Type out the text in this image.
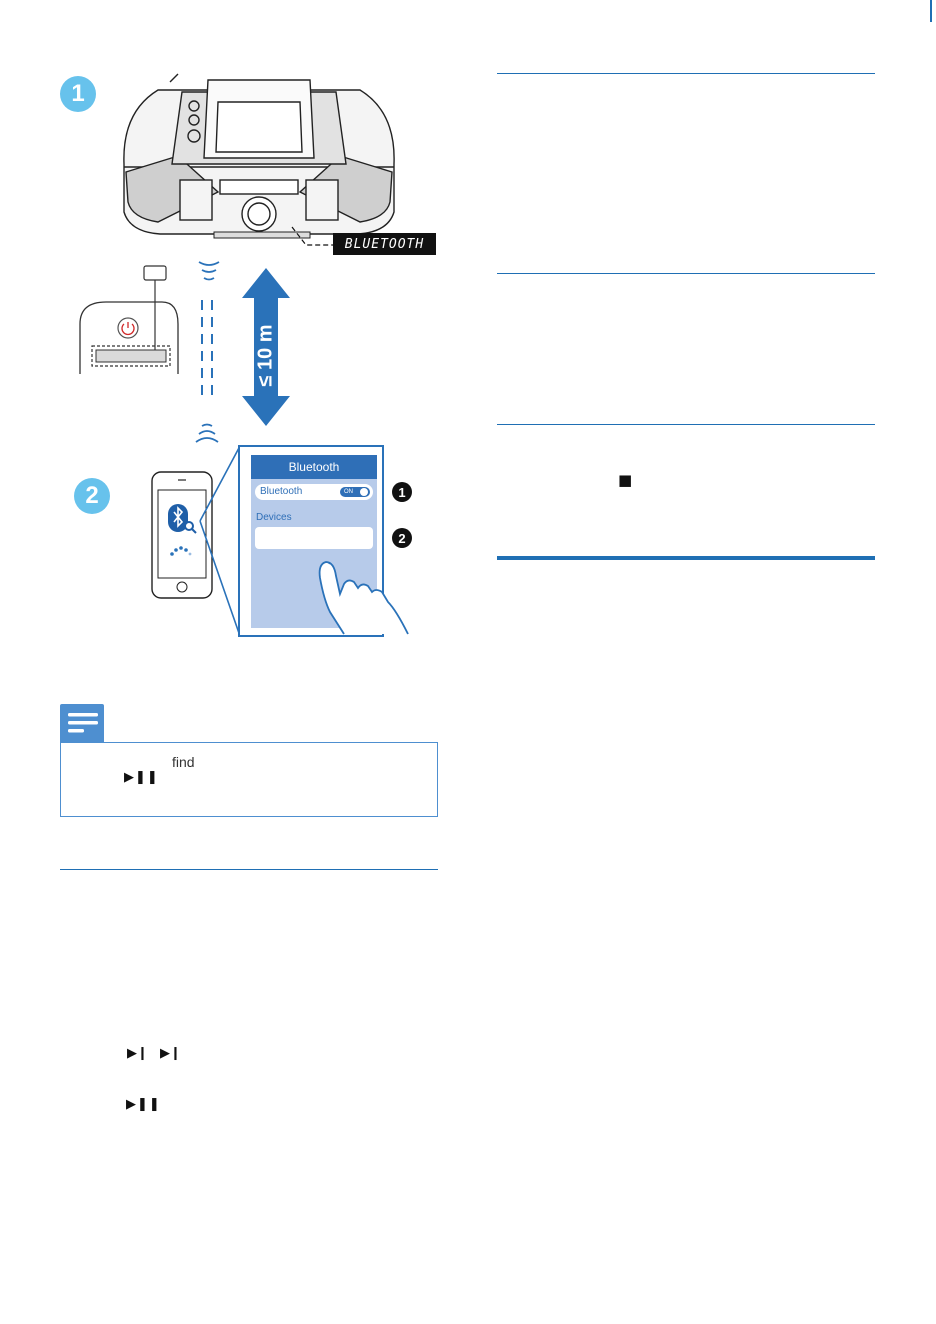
1
BLUETOOTH
≤ 10 m
2
Bluetooth
Bluetooth	ON
Devices
1
2
find
▶❚❚
▶❙ ▶❙
▶❚❚
■
